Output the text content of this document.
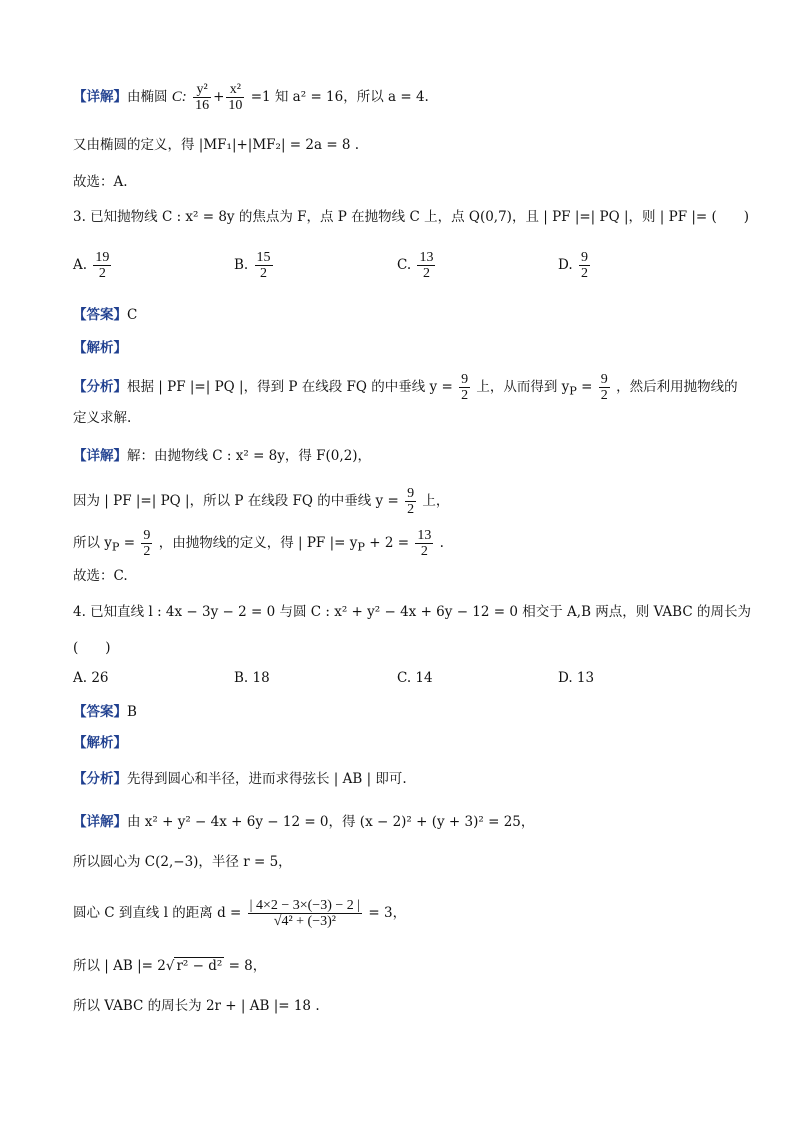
【详解】由椭圆 C: $\frac{\text{y²}}{16} + \frac{\text{x²}}{10} =1$ 知 a² = 16，所以 a = 4.
又由椭圆的定义，得 |MF₁|+|MF₂| = 2a = 8 .
故选：A.
3. 已知抛物线 C : x² = 8y 的焦点为 F，点 P 在抛物线 C 上，点 Q(0,7)，且 | PF |=| PQ |，则 | PF |= (　　)
A. $\frac{19}{2}$	B. $\frac{15}{2}$	C. $\frac{13}{2}$	D. $\frac{9}{2}$
【答案】C
【解析】
【分析】根据 | PF |=| PQ |，得到 P 在线段 FQ 的中垂线 $y = \frac{9}{2}$ 上，从而得到 $y_P = \frac{9}{2}$ ，然后利用抛物线的
定义求解.
【详解】解：由抛物线 C : x² = 8y，得 F(0,2)，
因为 | PF |=| PQ |，所以 P 在线段 FQ 的中垂线 $y = \frac{9}{2}$ 上，
所以 $y_P = \frac{9}{2}$ ，由抛物线的定义，得 | PF |= $y_P + 2 = \frac{13}{2}$ .
故选：C.
4. 已知直线 l : 4x − 3y − 2 = 0 与圆 C : x² + y² − 4x + 6y − 12 = 0 相交于 A,B 两点，则 VABC 的周长为
(　　)
A. 26	B. 18	C. 14	D. 13
【答案】B
【解析】
【分析】先得到圆心和半径，进而求得弦长 | AB | 即可.
【详解】由 x² + y² − 4x + 6y − 12 = 0，得 (x − 2)² + (y + 3)² = 25，
所以圆心为 C(2,−3)，半径 r = 5，
圆心 C 到直线 l 的距离 $d = \frac{| 4\times 2 - 3\times(-3) - 2 |}{\text{√4² + (−3)²}} = 3$，
所以 | AB |= 2√ r² − d² = 8，
所以 VABC 的周长为 2r + | AB |= 18 .
